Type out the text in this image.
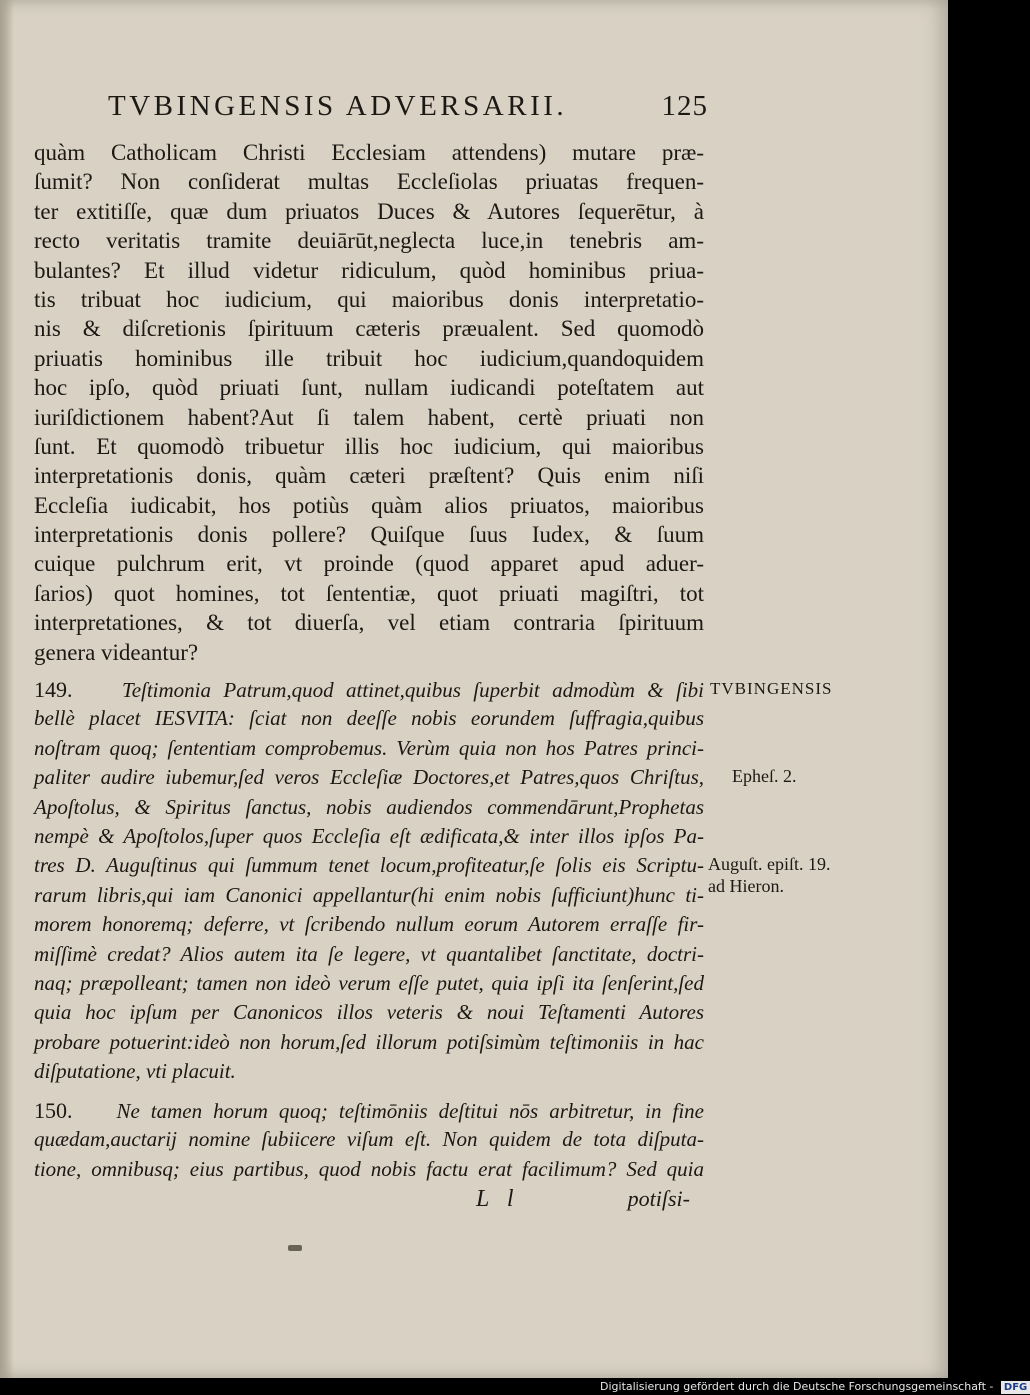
TVBINGENSIS ADVERSARII.	125
quàm Catholicam Christi Ecclesiam attendens) mutare præ-
ſumit? Non conſiderat multas Eccleſiolas priuatas frequen-
ter extitiſſe, quæ dum priuatos Duces & Autores ſequerētur, à
recto veritatis tramite deuiārūt,neglecta luce,in tenebris am-
bulantes? Et illud videtur ridiculum, quòd hominibus priua-
tis tribuat hoc iudicium, qui maioribus donis interpretatio-
nis & diſcretionis ſpirituum cæteris præualent. Sed quomodò
priuatis hominibus ille tribuit hoc iudicium,quandoquidem
hoc ipſo, quòd priuati ſunt, nullam iudicandi poteſtatem aut
iuriſdictionem habent?Aut ſi talem habent, certè priuati non
ſunt. Et quomodò tribuetur illis hoc iudicium, qui maioribus
interpretationis donis, quàm cæteri præſtent? Quis enim niſi
Eccleſia iudicabit, hos potiùs quàm alios priuatos, maioribus
interpretationis donis pollere? Quiſque ſuus Iudex, & ſuum
cuique pulchrum erit, vt proinde (quod apparet apud aduer-
ſarios) quot homines, tot ſententiæ, quot priuati magiſtri, tot
interpretationes, & tot diuerſa, vel etiam contraria ſpirituum
genera videantur?
149. Teſtimonia Patrum,quod attinet,quibus ſuperbit admodùm & ſibi
bellè placet IESVITA: ſciat non deeſſe nobis eorundem ſuffragia,quibus
noſtram quoq; ſententiam comprobemus. Verùm quia non hos Patres princi-
paliter audire iubemur,ſed veros Eccleſiæ Doctores,et Patres,quos Chriſtus,
Apoſtolus, & Spiritus ſanctus, nobis audiendos commendārunt,Prophetas
nempè & Apoſtolos,ſuper quos Eccleſia eſt ædificata,& inter illos ipſos Pa-
tres D. Auguſtinus qui ſummum tenet locum,profiteatur,ſe ſolis eis Scriptu-
rarum libris,qui iam Canonici appellantur(hi enim nobis ſufficiunt)hunc ti-
morem honoremq; deferre, vt ſcribendo nullum eorum Autorem erraſſe fir-
miſſimè credat? Alios autem ita ſe legere, vt quantalibet ſanctitate, doctri-
naq; præpolleant; tamen non ideò verum eſſe putet, quia ipſi ita ſenſerint,ſed
quia hoc ipſum per Canonicos illos veteris & noui Teſtamenti Autores
probare potuerint:ideò non horum,ſed illorum potiſsimùm teſtimoniis in hac
diſputatione, vti placuit.
150. Ne tamen horum quoq; teſtimōniis deſtitui nōs arbitretur, in fine
quædam,auctarij nomine ſubiicere viſum eſt. Non quidem de tota diſputa-
tione, omnibusq; eius partibus, quod nobis factu erat facilimum? Sed quia
L l	potiſsi-
TVBINGENSIS
Epheſ. 2.
Auguſt. epiſt. 19.
ad Hieron.
Digitalisierung gefördert durch die Deutsche Forschungsgemeinschaft - DFG
